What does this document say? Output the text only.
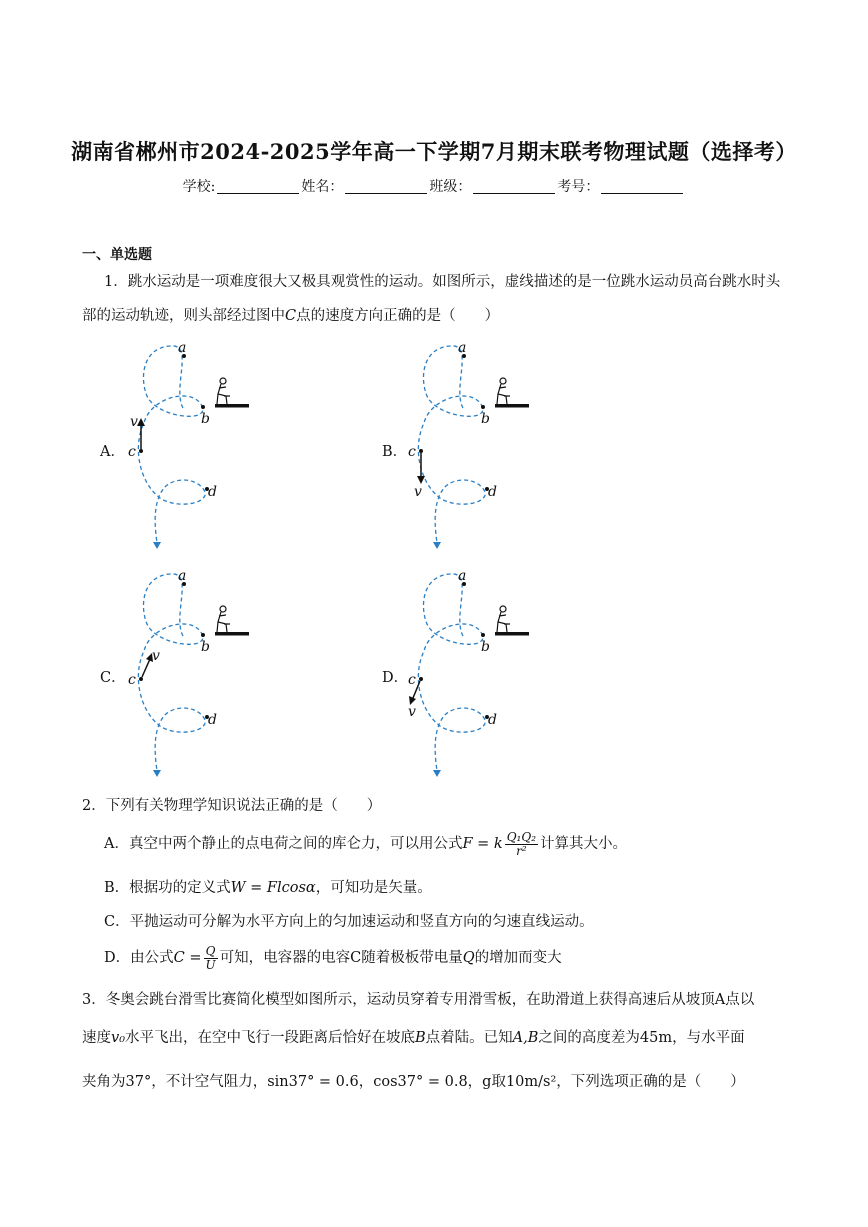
湖南省郴州市2024-2025学年高一下学期7月期末联考物理试题（选择考）
学校:	姓名：	班级：	考号：
一、单选题
1．跳水运动是一项难度很大又极具观赏性的运动。如图所示，虚线描述的是一位跳水运动员高台跳水时头
部的运动轨迹，则头部经过图中C点的速度方向正确的是（　　）
a
b
c
d
v
A．
a
b
c
d
v
B．
a
b
c
d
v
C．
a
b
c
d
v
D．
2．下列有关物理学知识说法正确的是（　　）
A．真空中两个静止的点电荷之间的库仑力，可以用公式F = k $\frac{\text{Q₁Q₂}}{\text{r²}}$ 计算其大小。
B．根据功的定义式W = Flcosα，可知功是矢量。
C．平抛运动可分解为水平方向上的匀加速运动和竖直方向的匀速直线运动。
D．由公式$C = \frac{Q}{U}$ 可知，电容器的电容C随着极板带电量Q的增加而变大
3．冬奥会跳台滑雪比赛简化模型如图所示，运动员穿着专用滑雪板，在助滑道上获得高速后从坡顶A点以
速度v₀水平飞出，在空中飞行一段距离后恰好在坡底B点着陆。已知A,B之间的高度差为45m，与水平面
夹角为37°，不计空气阻力，sin37° = 0.6，cos37° = 0.8，g取10m/s²，下列选项正确的是（　　）
